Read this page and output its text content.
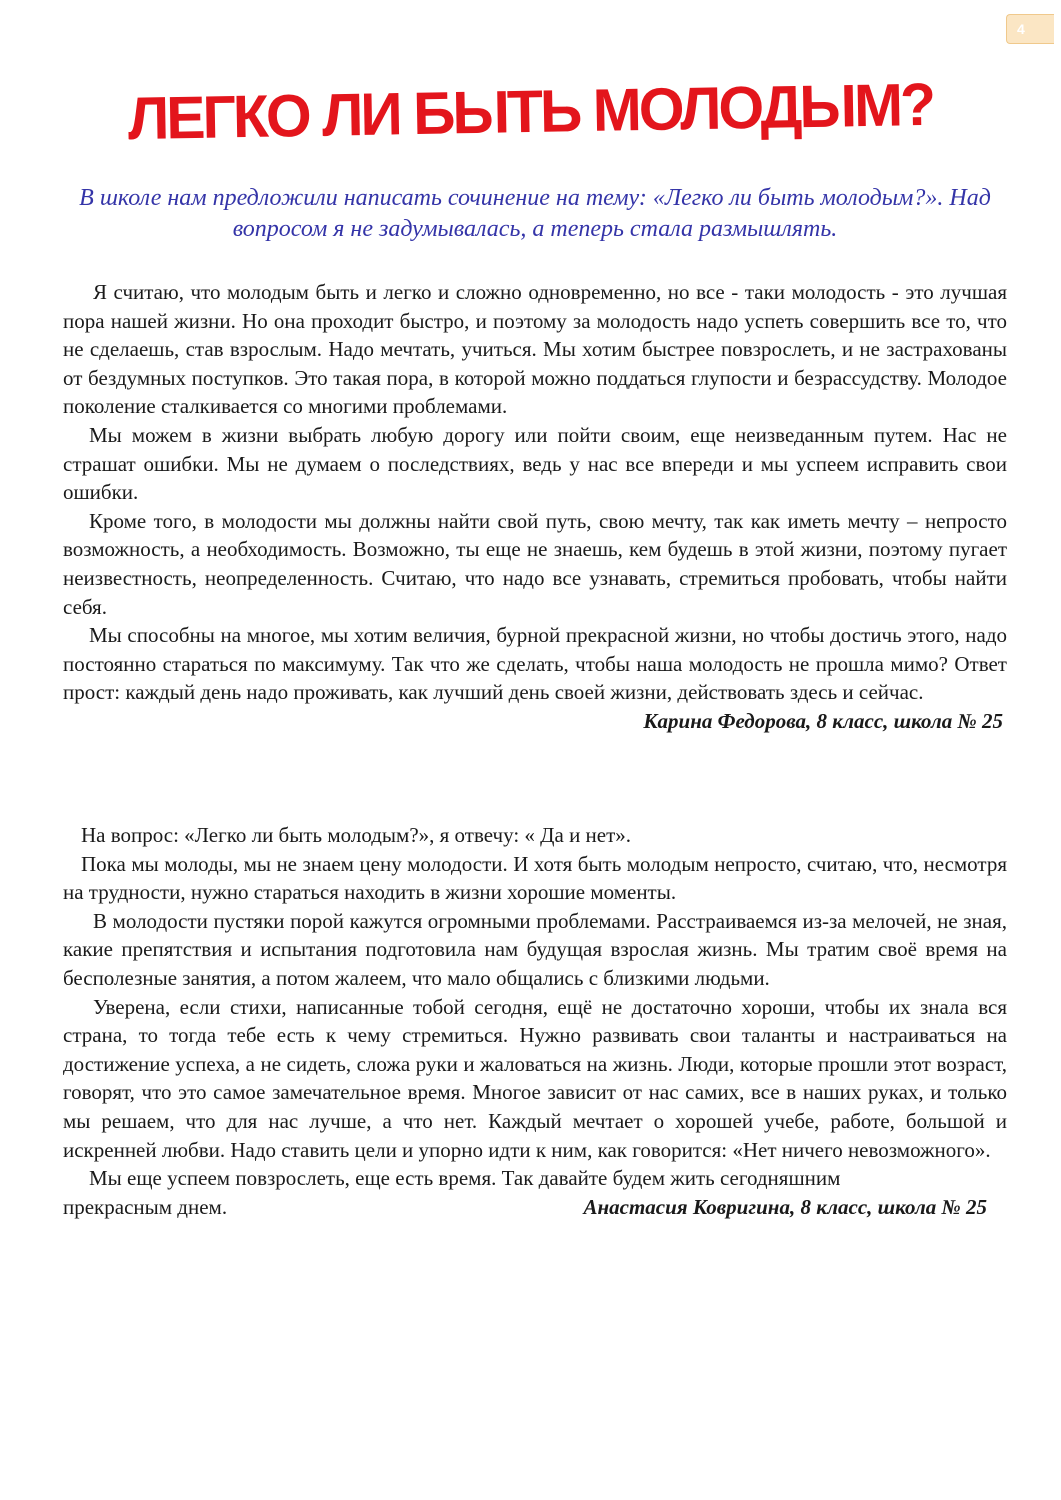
4
ЛЕГКО ЛИ БЫТЬ МОЛОДЫМ?

В школе нам предложили написать сочинение на тему: «Легко ли быть молодым?». Над вопросом я не задумывалась, а теперь стала размышлять.

Я считаю, что молодым быть и легко и сложно одновременно, но все - таки молодость - это лучшая пора нашей жизни. Но она проходит быстро, и поэтому за молодость надо успеть совершить все то, что не сделаешь, став взрослым. Надо мечтать, учиться. Мы хотим быстрее повзрослеть, и не застрахованы от бездумных поступков. Это такая пора, в которой можно поддаться глупости и безрассудству. Молодое поколение сталкивается со многими проблемами.

Мы можем в жизни выбрать любую дорогу или пойти своим, еще неизведанным путем. Нас не страшат ошибки. Мы не думаем о последствиях, ведь у нас все впереди и мы успеем исправить свои ошибки.

Кроме того, в молодости мы должны найти свой путь, свою мечту, так как иметь мечту – непросто возможность, а необходимость. Возможно, ты еще не знаешь, кем будешь в этой жизни, поэтому пугает неизвестность, неопределенность. Считаю, что надо все узнавать, стремиться пробовать, чтобы найти себя.

Мы способны на многое, мы хотим величия, бурной прекрасной жизни, но чтобы достичь этого, надо постоянно стараться по максимуму. Так что же сделать, чтобы наша молодость не прошла мимо? Ответ прост: каждый день надо проживать, как лучший день своей жизни, действовать здесь и сейчас.

Карина Федорова, 8 класс, школа № 25

На вопрос: «Легко ли быть молодым?», я отвечу: « Да и нет».

Пока мы молоды, мы не знаем цену молодости. И хотя быть молодым непросто, считаю, что, несмотря на трудности, нужно стараться находить в жизни хорошие моменты.

В молодости пустяки порой кажутся огромными проблемами. Расстраиваемся из-за мелочей, не зная, какие препятствия и испытания подготовила нам будущая взрослая жизнь. Мы тратим своё время на бесполезные занятия, а потом жалеем, что мало общались с близкими людьми.

Уверена, если стихи, написанные тобой сегодня, ещё не достаточно хороши, чтобы их знала вся страна, то тогда тебе есть к чему стремиться. Нужно развивать свои таланты и настраиваться на достижение успеха, а не сидеть, сложа руки и жаловаться на жизнь. Люди, которые прошли этот возраст, говорят, что это самое замечательное время. Многое зависит от нас самих, все в наших руках, и только мы решаем, что для нас лучше, а что нет. Каждый мечтает о хорошей учебе, работе, большой и искренней любви. Надо ставить цели и упорно идти к ним, как говорится: «Нет ничего невозможного».

Мы еще успеем повзрослеть, еще есть время. Так давайте будем жить сегодняшним

прекрасным днем.	Анастасия Ковригина, 8 класс, школа № 25
